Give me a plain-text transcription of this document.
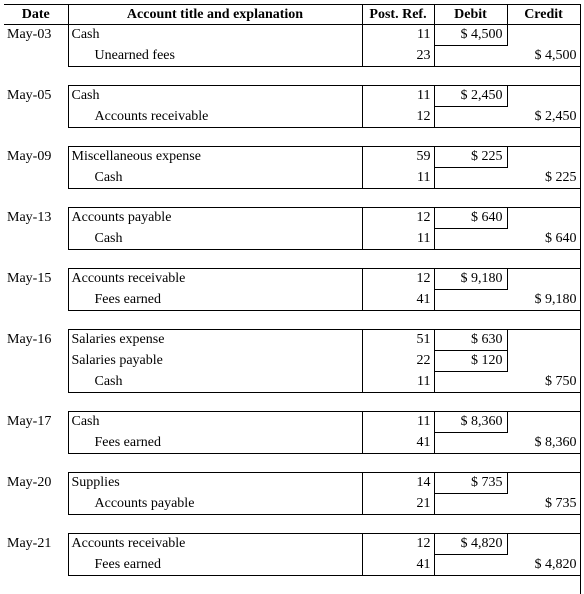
Date	Account title and explanation	Post. Ref.	Debit	Credit
May-03	Cash	11	$ 4,500	
	Unearned fees	23		$ 4,500

May-05	Cash	11	$ 2,450	
	Accounts receivable	12		$ 2,450

May-09	Miscellaneous expense	59	$ 225	
	Cash	11		$ 225

May-13	Accounts payable	12	$ 640	
	Cash	11		$ 640

May-15	Accounts receivable	12	$ 9,180	
	Fees earned	41		$ 9,180

May-16	Salaries expense	51	$ 630	
	Salaries payable	22	$ 120	
	Cash	11		$ 750

May-17	Cash	11	$ 8,360	
	Fees earned	41		$ 8,360

May-20	Supplies	14	$ 735	
	Accounts payable	21		$ 735

May-21	Accounts receivable	12	$ 4,820	
	Fees earned	41		$ 4,820
